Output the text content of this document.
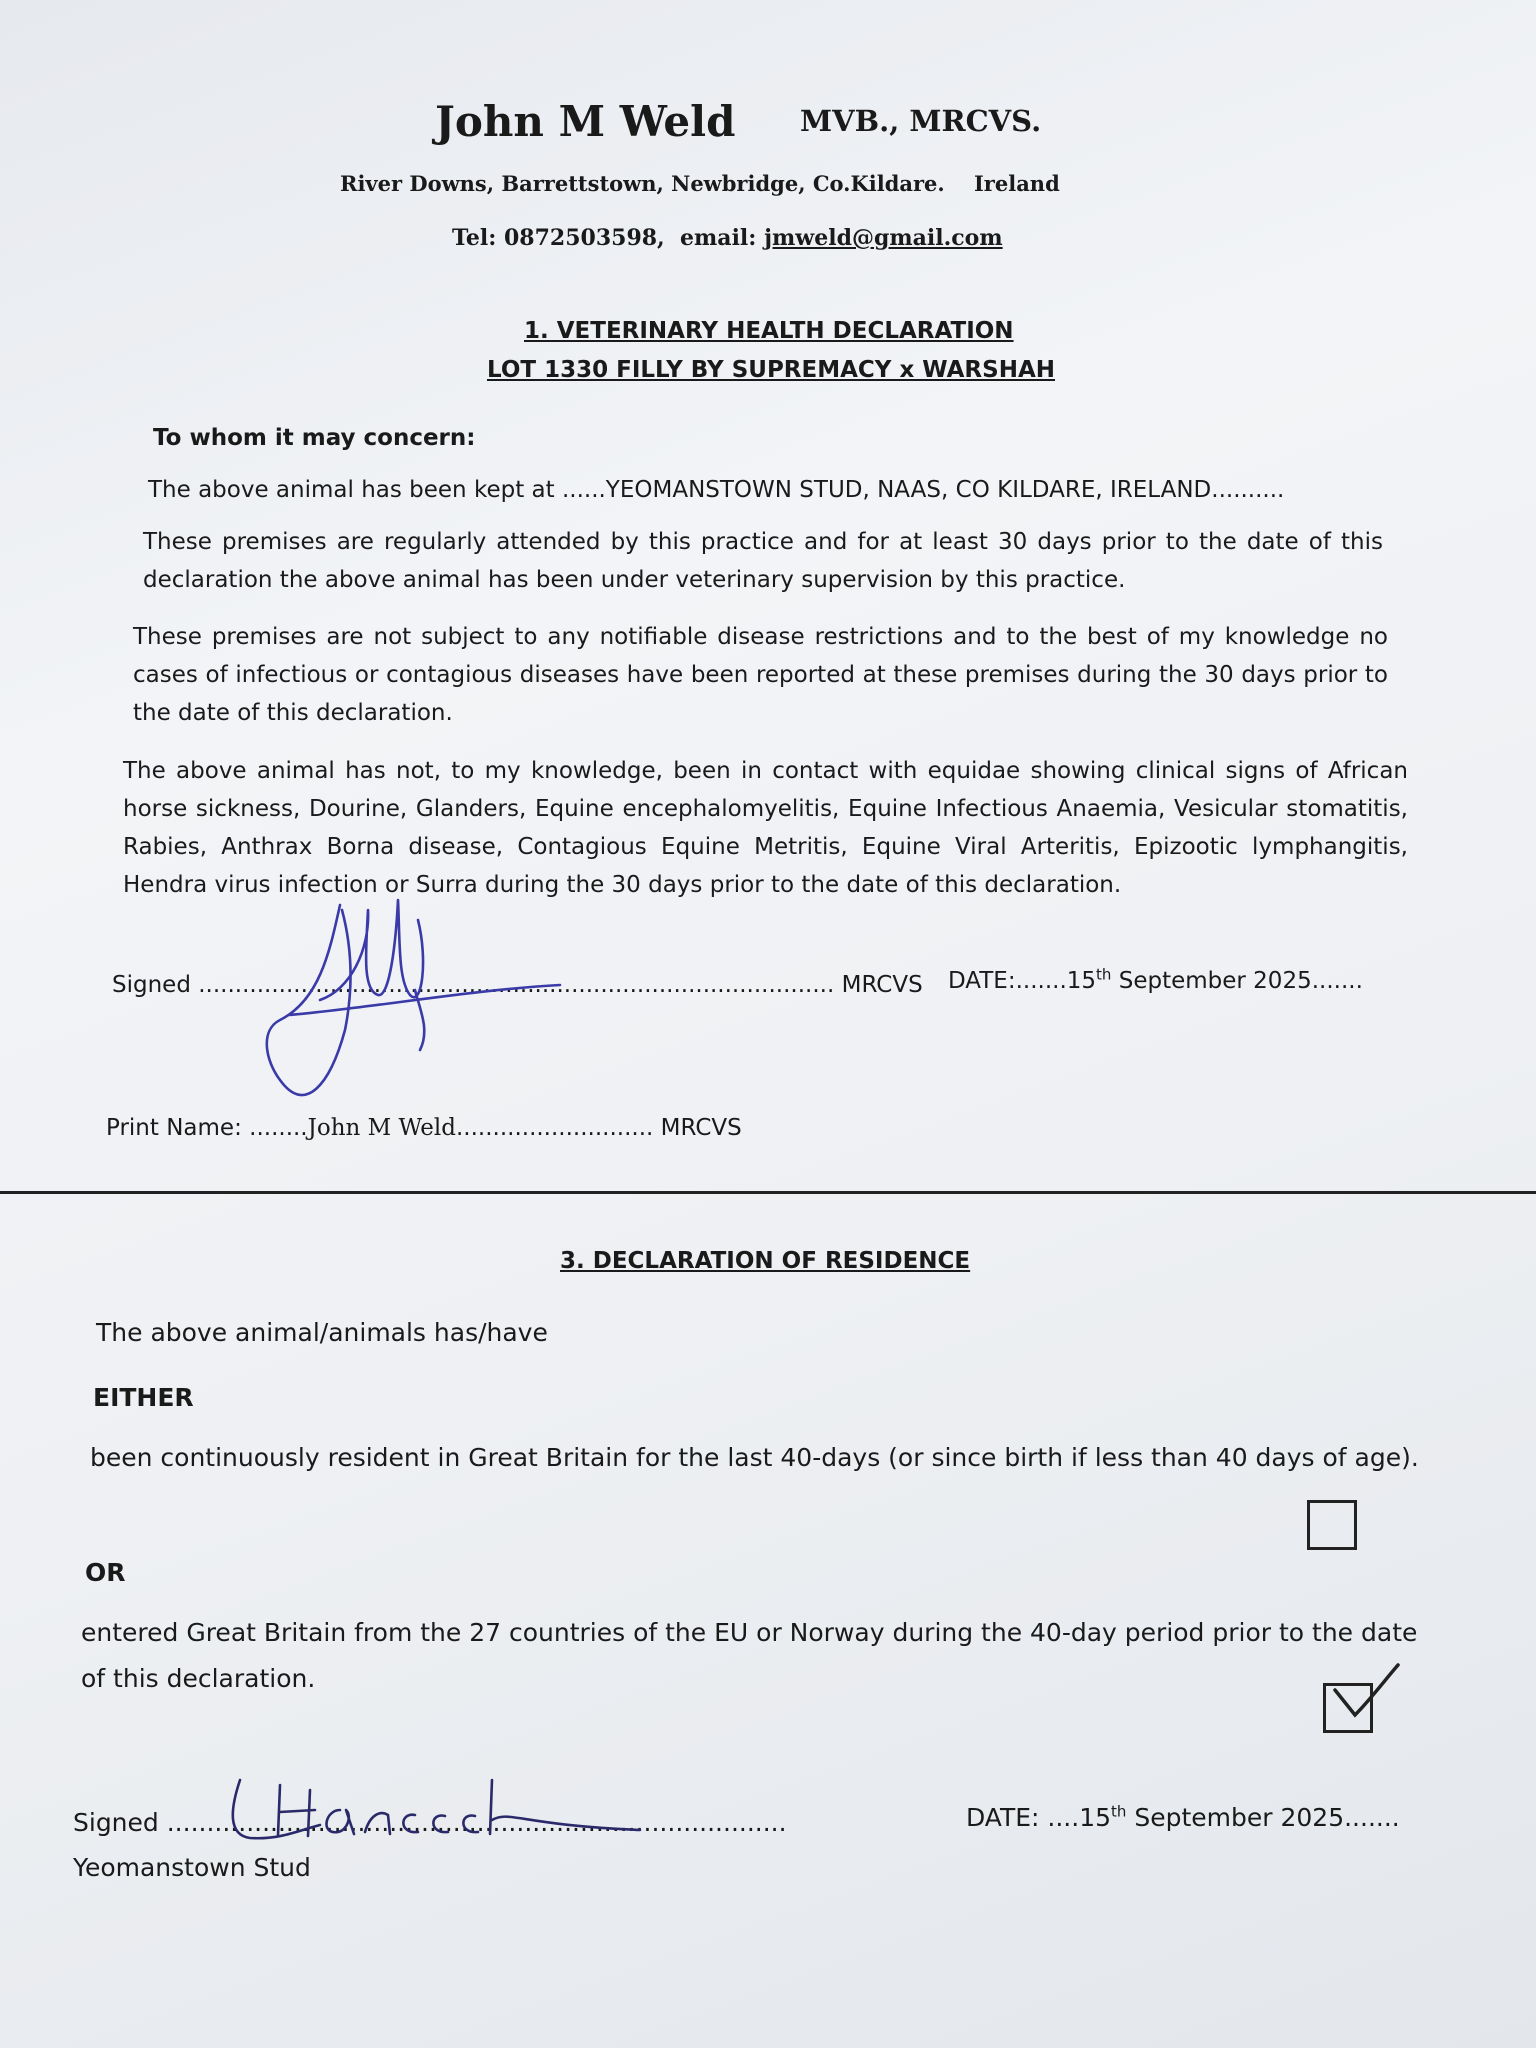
John M Weld MVB., MRCVS.
River Downs, Barrettstown, Newbridge, Co.Kildare.    Ireland
Tel: 0872503598,  email: jmweld@gmail.com
1. VETERINARY HEALTH DECLARATION
LOT 1330 FILLY BY SUPREMACY x WARSHAH
To whom it may concern:
The above animal has been kept at ......YEOMANSTOWN STUD, NAAS, CO KILDARE, IRELAND..........
These premises are regularly attended by this practice and for at least 30 days prior to the date of this declaration the above animal has been under veterinary supervision by this practice.
These premises are not subject to any notifiable disease restrictions and to the best of my knowledge no cases of infectious or contagious diseases have been reported at these premises during the 30 days prior to the date of this declaration.
The above animal has not, to my knowledge, been in contact with equidae showing clinical signs of African horse sickness, Dourine, Glanders, Equine encephalomyelitis, Equine Infectious Anaemia, Vesicular stomatitis, Rabies, Anthrax Borna disease, Contagious Equine Metritis, Equine Viral Arteritis, Epizootic lymphangitis, Hendra virus infection or Surra during the 30 days prior to the date of this declaration.
Signed ....................................................................................... MRCVS DATE:.......15th September 2025.......
Print Name: ........John M Weld........................... MRCVS
3. DECLARATION OF RESIDENCE
The above animal/animals has/have
EITHER
been continuously resident in Great Britain for the last 40-days (or since birth if less than 40 days of age).
OR
entered Great Britain from the 27 countries of the EU or Norway during the 40-day period prior to the date of this declaration.
Signed ..............................................................................
Yeomanstown Stud
DATE: ....15th September 2025.......
